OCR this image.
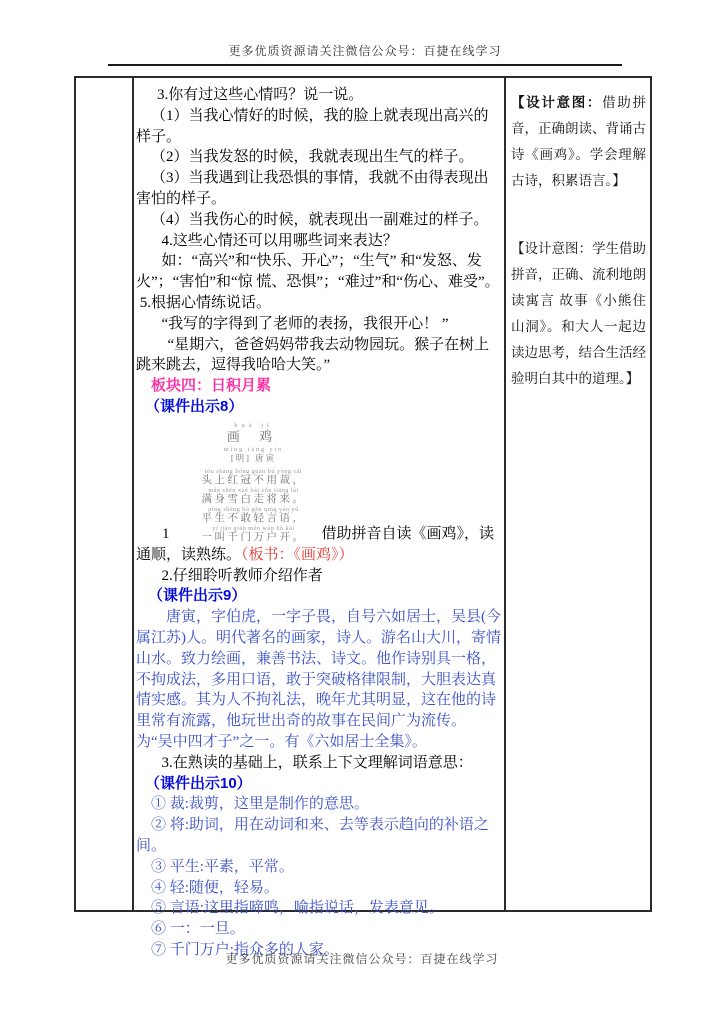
更多优质资源请关注微信公众号：百捷在线学习

3.你有过这些心情吗？说一说。

（1）当我心情好的时候，我的脸上就表现出高兴的样子。

（2）当我发怒的时候，我就表现出生气的样子。

（3）当我遇到让我恐惧的事情，我就不由得表现出害怕的样子。

（4）当我伤心的时候，就表现出一副难过的样子。

4.这些心情还可以用哪些词来表达？

如：“高兴”和“快乐、开心”；“生气” 和“发怒、发火”；“害怕”和“惊 慌、恐惧”；“难过”和“伤心、难受”。

5.根据心情练说话。

“我写的字得到了老师的表扬，我很开心！ ”

“星期六，爸爸妈妈带我去动物园玩。猴子在树上跳来跳去，逗得我哈哈大笑。”

板块四：日积月累

（课件出示8）

1
huà jī
画 鸡
míng táng yín
[明] 唐寅
tóu shàng hóng guān bú yòng cái
头上红冠不用裁，
mǎn shēn xuě bái zǒu jiāng lái
满身雪白走将来。
píng shēng bù gǎn qīng yán yǔ
平生不敢轻言语，
yí jiào qiān mén wàn hù kāi
一叫千门万户开。	借助拼音自读《画鸡》，读

通顺，读熟练。（板书：《画鸡》）

2.仔细聆听教师介绍作者

（课件出示9）

唐寅，字伯虎，一字子畏，自号六如居士，吴县(今属江苏)人。明代著名的画家，诗人。游名山大川，寄情山水。致力绘画，兼善书法、诗文。他作诗别具一格，不拘成法，多用口语，敢于突破格律限制，大胆表达真情实感。其为人不拘礼法，晚年尤其明显，这在他的诗里常有流露，他玩世出奇的故事在民间广为流传。为“吴中四才子”之一。有《六如居士全集》。

3.在熟读的基础上，联系上下文理解词语意思：

（课件出示10）

① 裁:裁剪，这里是制作的意思。

② 将:助词，用在动词和来、去等表示趋向的补语之间。

③ 平生:平素，平常。

④ 轻:随便，轻易。

⑤ 言语:这里指啼鸣，喻指说话，发表意见。

⑥ 一：一旦。

⑦ 千门万户:指众多的人家。

【设计意图：借助拼音，正确朗读、背诵古诗《画鸡》。学会理解古诗，积累语言。】
【设计意图：学生借助拼音，正确、流利地朗读寓言 故事《小熊住山洞》。和大人一起边读边思考，结合生活经验明白其中的道理。】
更多优质资源请关注微信公众号：百捷在线学习
